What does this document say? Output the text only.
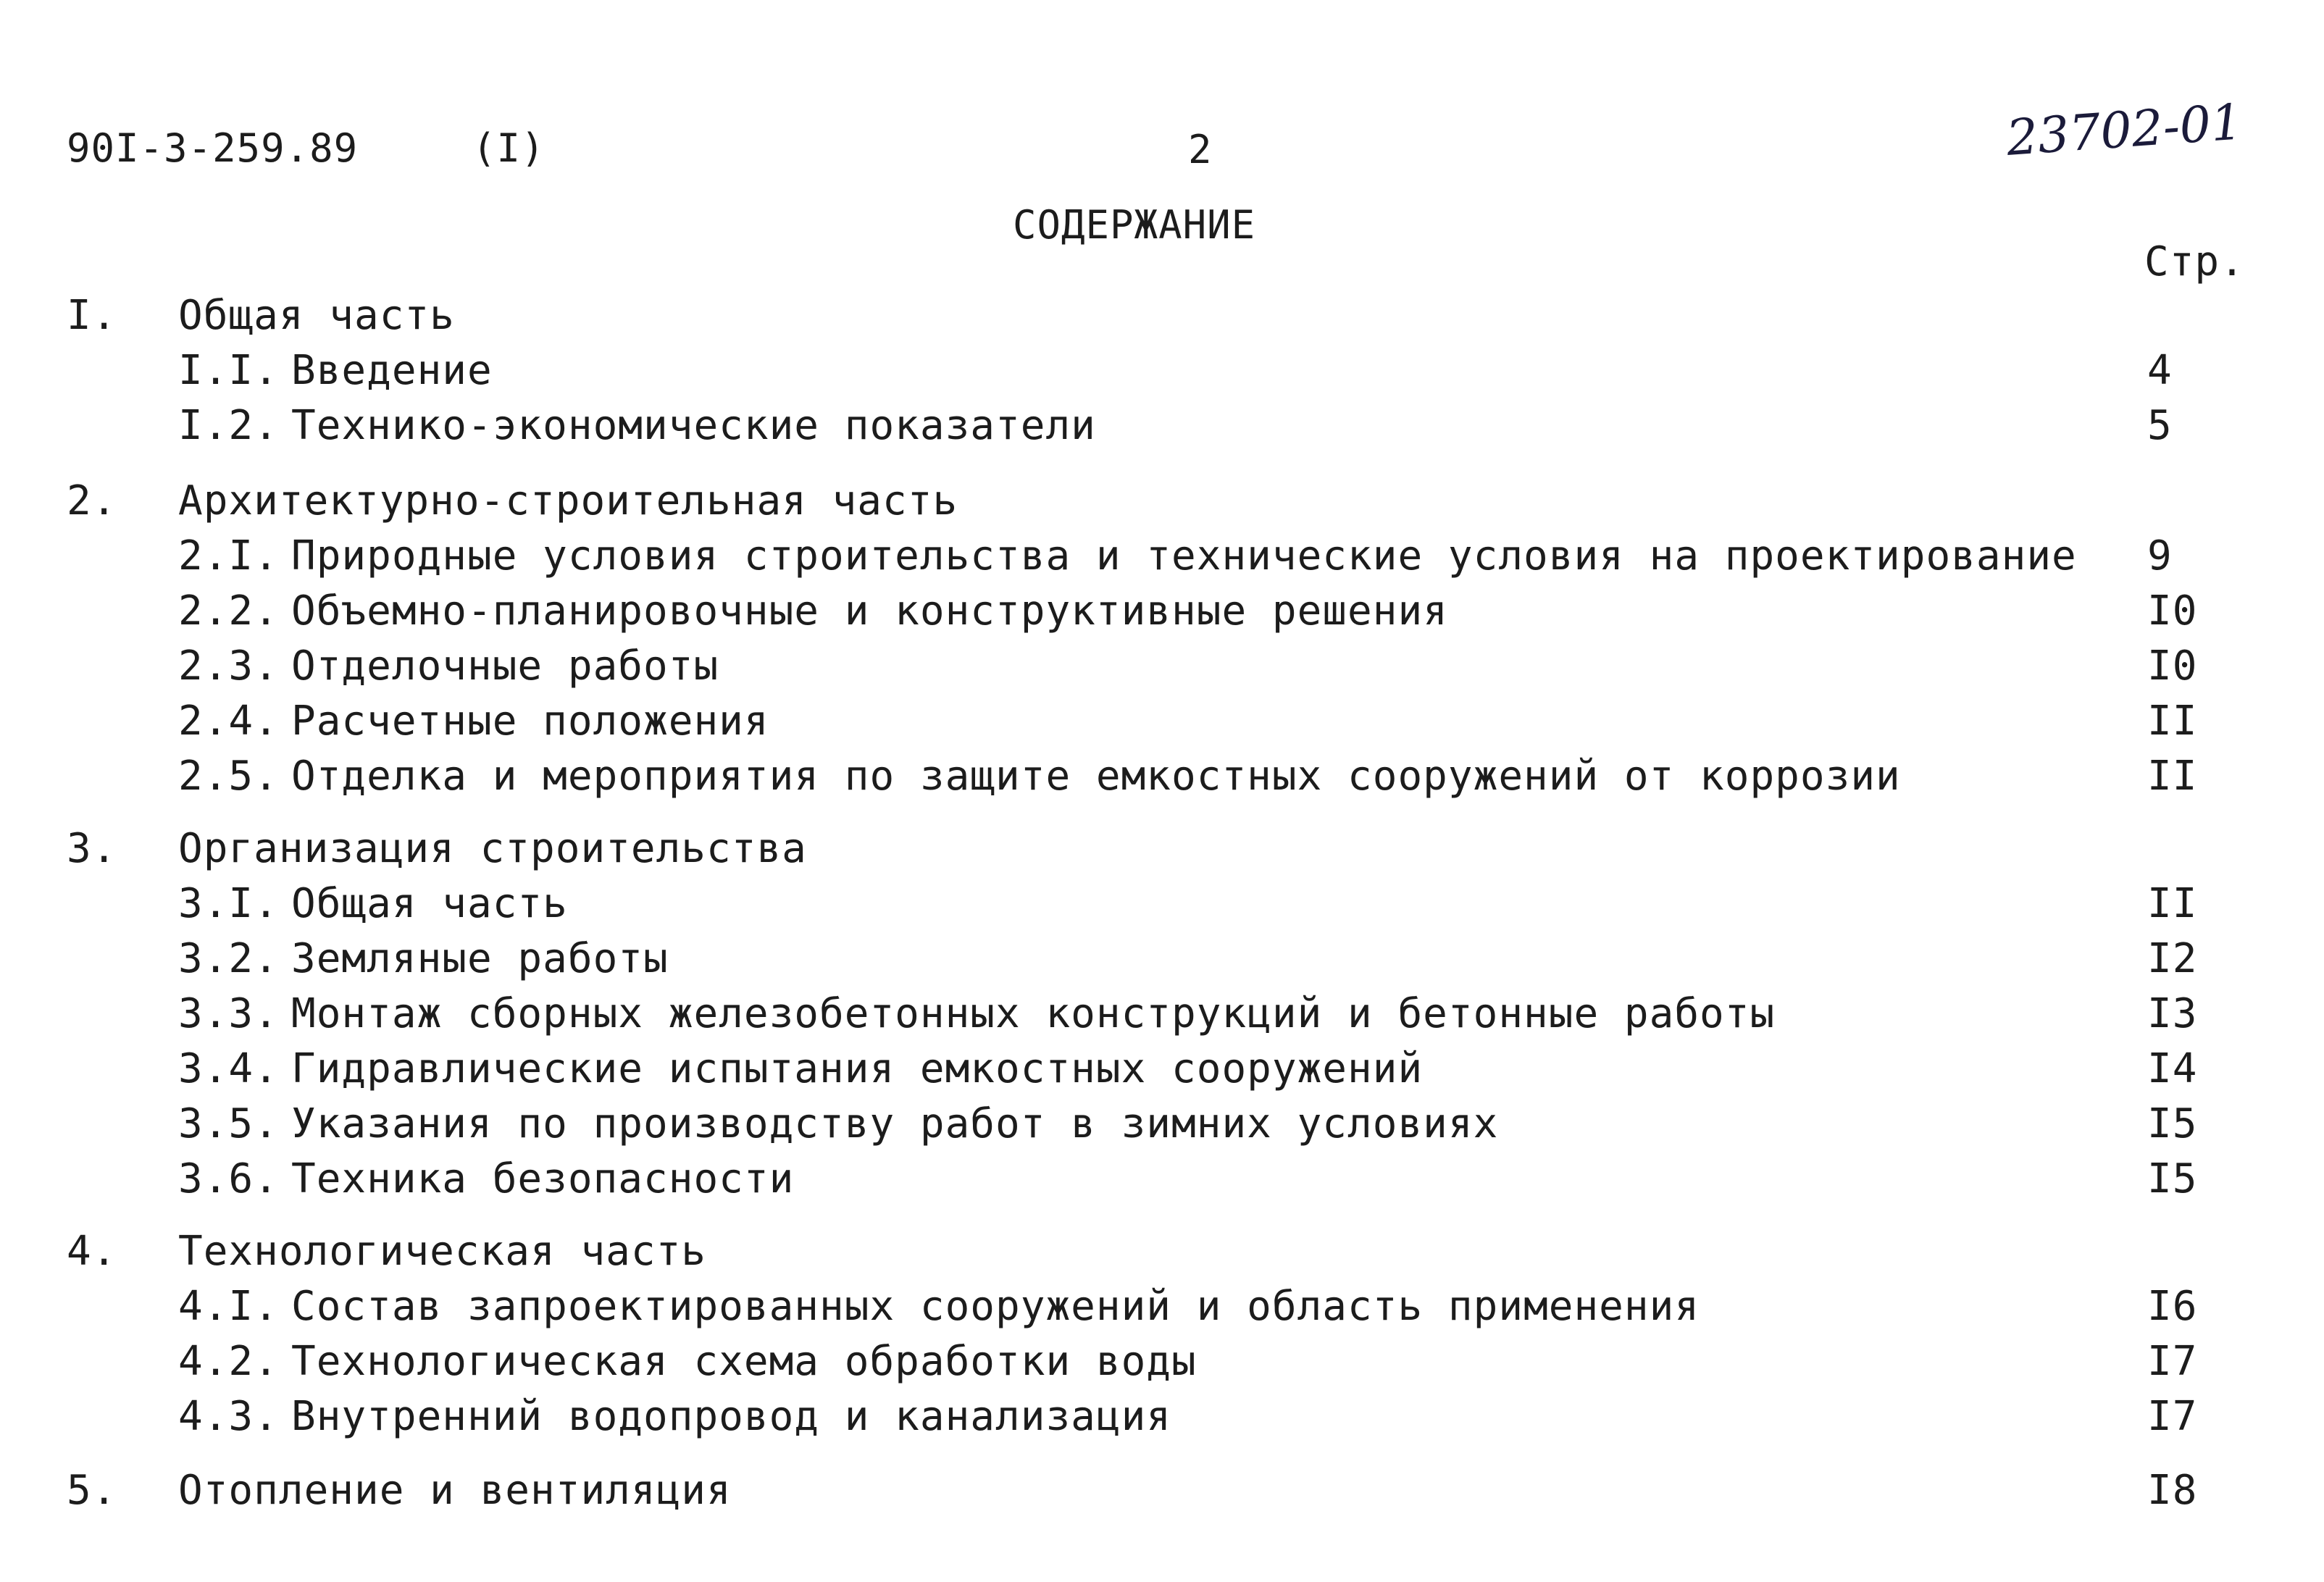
90I-3-259.89	(I)	2	23702-01
СОДЕРЖАНИЕ
Стр.
I. Общая часть
I.I. Введение	4
I.2. Технико-экономические показатели	5
2. Архитектурно-строительная часть
2.I. Природные условия строительства и технические условия на проектирование 9
2.2. Объемно-планировочные и конструктивные решения	I0
2.3. Отделочные работы	I0
2.4. Расчетные положения	II
2.5. Отделка и мероприятия по защите емкостных сооружений от коррозии	II
3. Организация строительства
3.I. Общая часть	II
3.2. Земляные работы	I2
3.3. Монтаж сборных железобетонных конструкций и бетонные работы	I3
3.4. Гидравлические испытания емкостных сооружений	I4
3.5. Указания по производству работ в зимних условиях	I5
3.6. Техника безопасности	I5
4. Технологическая часть
4.I. Состав запроектированных сооружений и область применения	I6
4.2. Технологическая схема обработки воды	I7
4.3. Внутренний водопровод и канализация	I7
5. Отопление и вентиляция	I8
